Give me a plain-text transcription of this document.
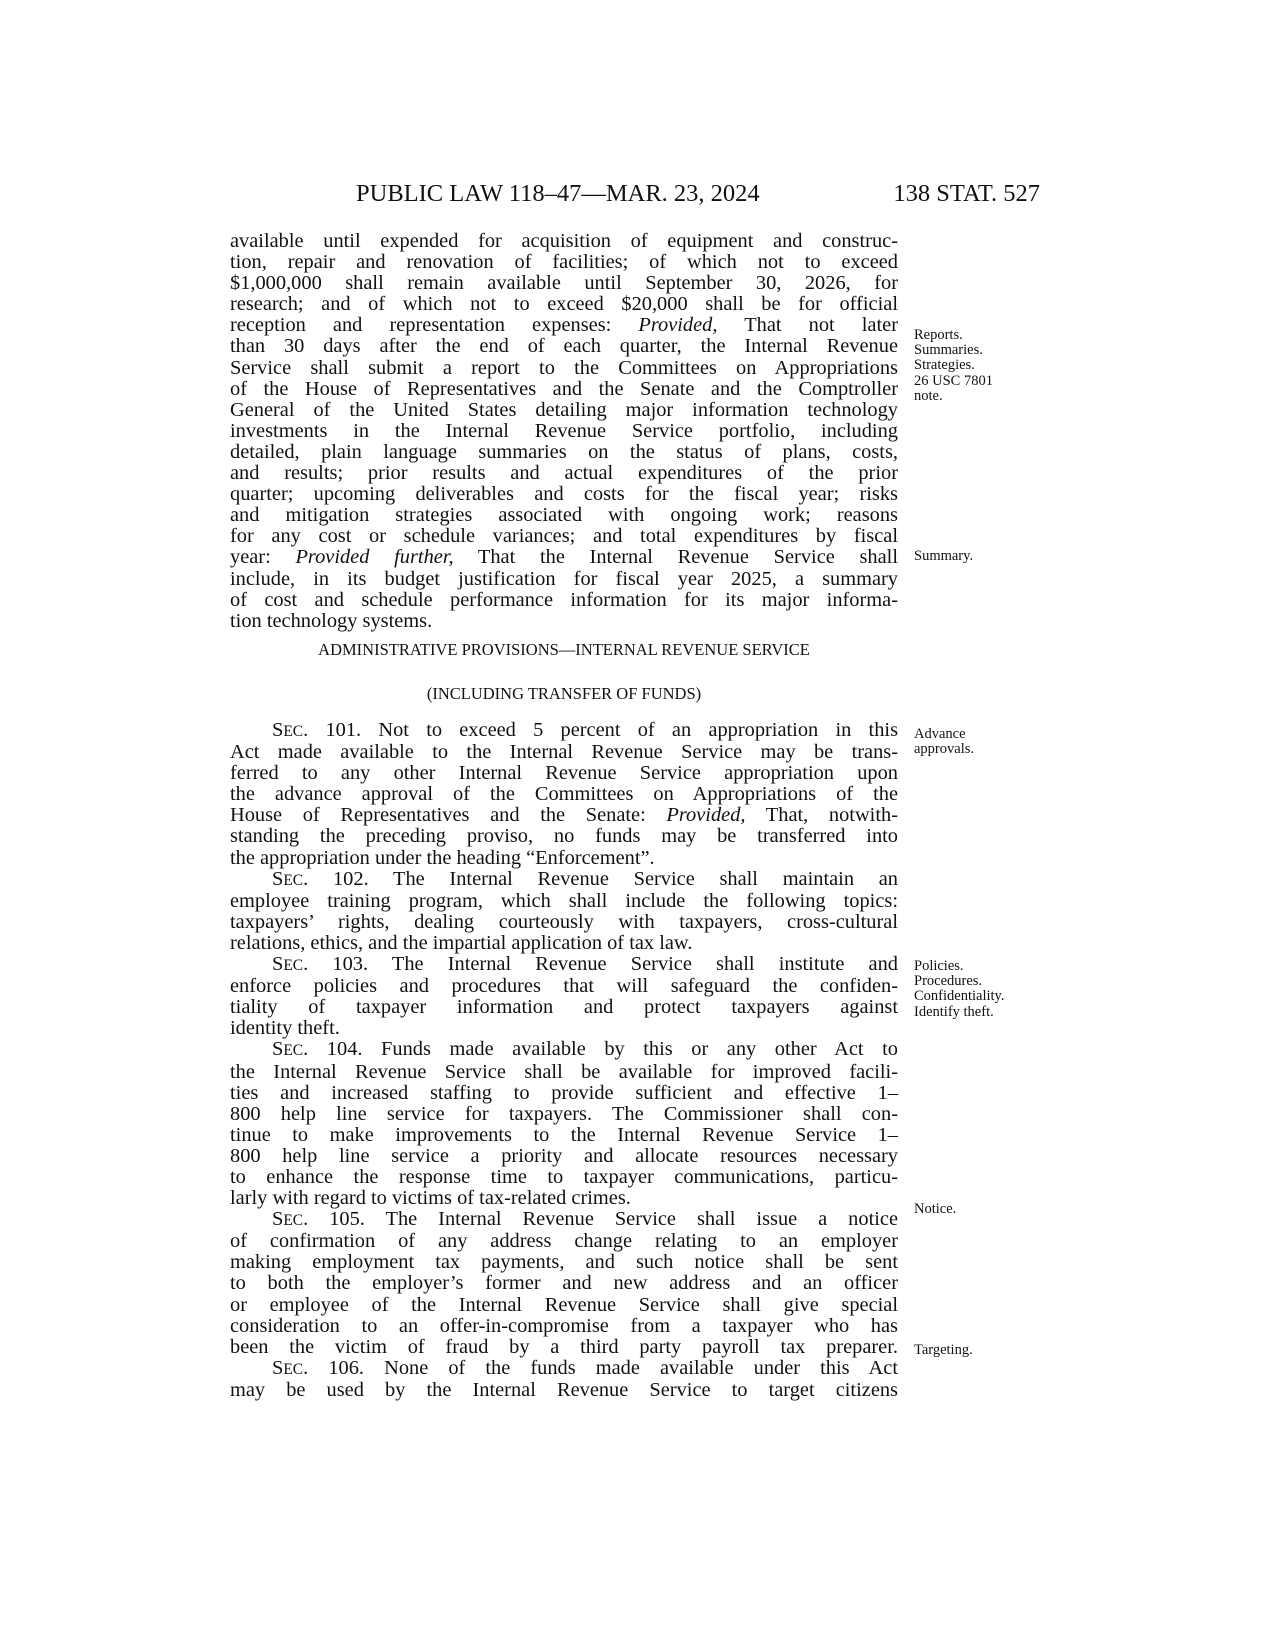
PUBLIC LAW 118–47—MAR. 23, 2024	138 STAT. 527
available until expended for acquisition of equipment and construc-
tion, repair and renovation of facilities; of which not to exceed
$1,000,000 shall remain available until September 30, 2026, for
research; and of which not to exceed $20,000 shall be for official
reception and representation expenses: Provided, That not later
than 30 days after the end of each quarter, the Internal Revenue
Service shall submit a report to the Committees on Appropriations
of the House of Representatives and the Senate and the Comptroller
General of the United States detailing major information technology
investments in the Internal Revenue Service portfolio, including
detailed, plain language summaries on the status of plans, costs,
and results; prior results and actual expenditures of the prior
quarter; upcoming deliverables and costs for the fiscal year; risks
and mitigation strategies associated with ongoing work; reasons
for any cost or schedule variances; and total expenditures by fiscal
year: Provided further, That the Internal Revenue Service shall
include, in its budget justification for fiscal year 2025, a summary
of cost and schedule performance information for its major informa-
tion technology systems.
ADMINISTRATIVE PROVISIONS—INTERNAL REVENUE SERVICE
(INCLUDING TRANSFER OF FUNDS)
SEC. 101. Not to exceed 5 percent of an appropriation in this
Act made available to the Internal Revenue Service may be trans-
ferred to any other Internal Revenue Service appropriation upon
the advance approval of the Committees on Appropriations of the
House of Representatives and the Senate: Provided, That, notwith-
standing the preceding proviso, no funds may be transferred into
the appropriation under the heading “Enforcement”.
SEC. 102. The Internal Revenue Service shall maintain an
employee training program, which shall include the following topics:
taxpayers’ rights, dealing courteously with taxpayers, cross-cultural
relations, ethics, and the impartial application of tax law.
SEC. 103. The Internal Revenue Service shall institute and
enforce policies and procedures that will safeguard the confiden-
tiality of taxpayer information and protect taxpayers against
identity theft.
SEC. 104. Funds made available by this or any other Act to
the Internal Revenue Service shall be available for improved facili-
ties and increased staffing to provide sufficient and effective 1–
800 help line service for taxpayers. The Commissioner shall con-
tinue to make improvements to the Internal Revenue Service 1–
800 help line service a priority and allocate resources necessary
to enhance the response time to taxpayer communications, particu-
larly with regard to victims of tax-related crimes.
SEC. 105. The Internal Revenue Service shall issue a notice
of confirmation of any address change relating to an employer
making employment tax payments, and such notice shall be sent
to both the employer’s former and new address and an officer
or employee of the Internal Revenue Service shall give special
consideration to an offer-in-compromise from a taxpayer who has
been the victim of fraud by a third party payroll tax preparer.
SEC. 106. None of the funds made available under this Act
may be used by the Internal Revenue Service to target citizens
Reports.
Summaries.
Strategies.
26 USC 7801
note.
Summary.
Advance
approvals.
Policies.
Procedures.
Confidentiality.
Identify theft.
Notice.
Targeting.
